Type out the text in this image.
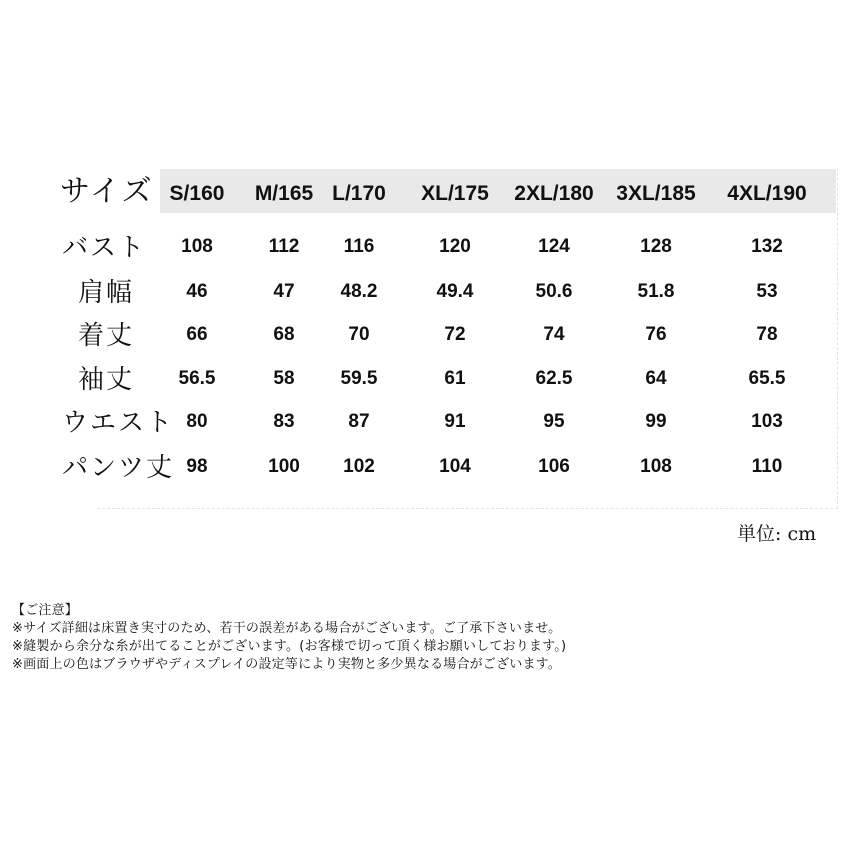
サイズ S/160	M/165 L/170	XL/175	2XL/180	3XL/185	4XL/190
バスト	108	112	116	120	124	128	132
肩幅	46	47	48.2	49.4	50.6	51.8	53
着丈	66	68	70	72	74	76	78
袖丈	56.5	58	59.5	61	62.5	64	65.5
ウエスト 80	83	87	91	95	99	103
パンツ丈 98	100	102	104	106	108	110
単位: cm
【ご注意】
※サイズ詳細は床置き実寸のため、若干の誤差がある場合がございます。ご了承下さいませ。
※縫製から余分な糸が出てることがございます。(お客様で切って頂く様お願いしております。)
※画面上の色はブラウザやディスプレイの設定等により実物と多少異なる場合がございます。
